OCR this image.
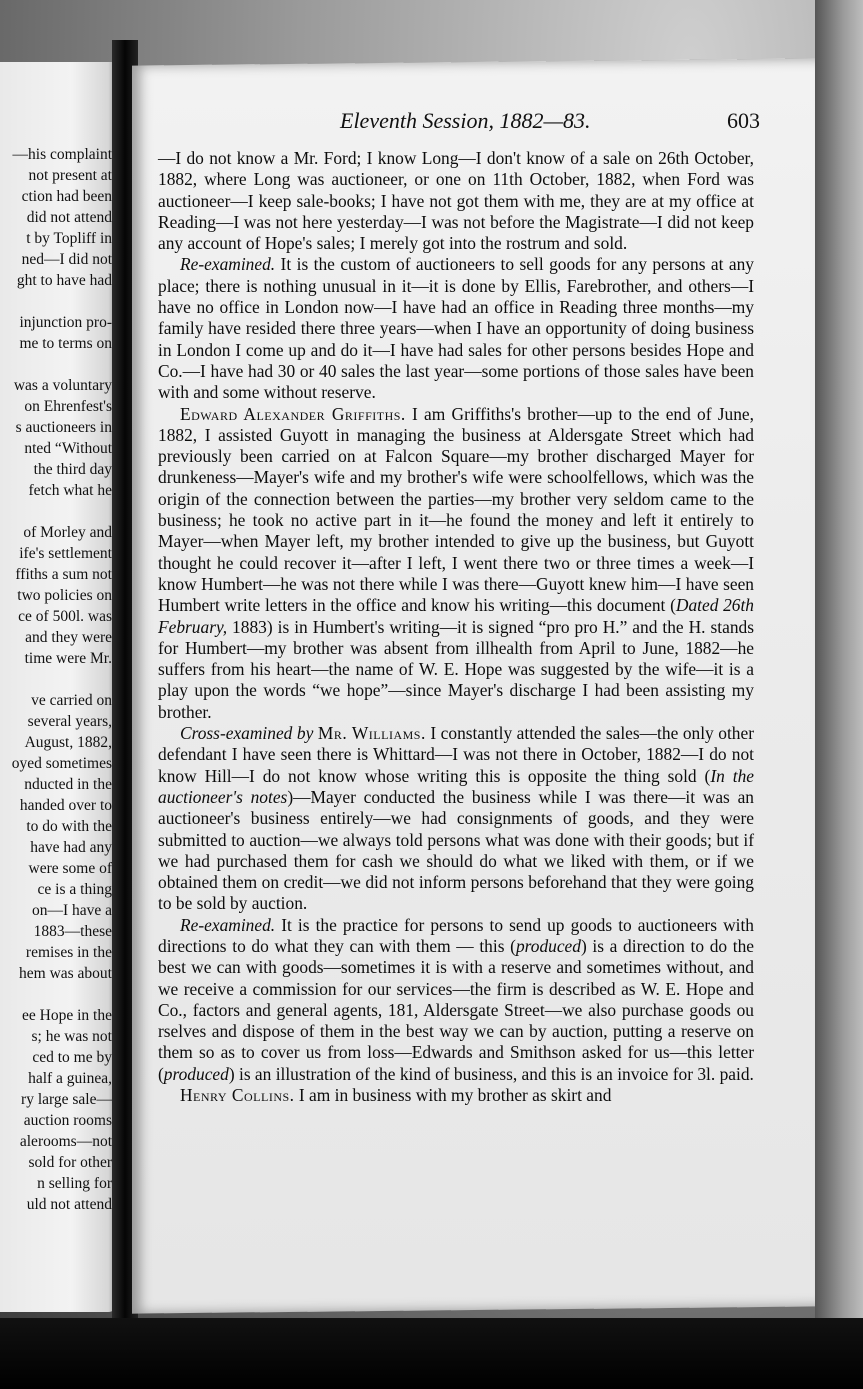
—his complaint
not present at
ction had been
did not attend
t by Topliff in
ned—I did not
ght to have had

injunction pro-
me to terms on

was a voluntary
on Ehrenfest's
s auctioneers in
nted “Without
the third day
fetch what he

of Morley and
ife's settlement
ffiths a sum not
two policies on
ce of 500l. was
and they were
time were Mr.

ve carried on
several years,
August, 1882,
oyed sometimes
nducted in the
handed over to
to do with the
have had any
were some of
ce is a thing
on—I have a
1883—these
remises in the
hem was about

ee Hope in the
s; he was not
ced to me by
half a guinea,
ry large sale—
auction rooms
alerooms—not
sold for other
n selling for
uld not attend
Eleventh Session, 1882—83.	603

—I do not know a Mr. Ford; I know Long—I don't know of a sale on 26th October, 1882, where Long was auctioneer, or one on 11th October, 1882, when Ford was auctioneer—I keep sale-books; I have not got them with me, they are at my office at Reading—I was not here yesterday—I was not before the Magistrate—I did not keep any account of Hope's sales; I merely got into the rostrum and sold.

Re-examined. It is the custom of auctioneers to sell goods for any persons at any place; there is nothing unusual in it—it is done by Ellis, Farebrother, and others—I have no office in London now—I have had an office in Reading three months—my family have resided there three years—when I have an opportunity of doing business in London I come up and do it—I have had sales for other persons besides Hope and Co.—I have had 30 or 40 sales the last year—some portions of those sales have been with and some without reserve.

Edward Alexander Griffiths. I am Griffiths's brother—up to the end of June, 1882, I assisted Guyott in managing the business at Aldersgate Street which had previously been carried on at Falcon Square—my brother discharged Mayer for drunkeness—Mayer's wife and my brother's wife were schoolfellows, which was the origin of the connection between the parties—my brother very seldom came to the business; he took no active part in it—he found the money and left it entirely to Mayer—when Mayer left, my brother intended to give up the business, but Guyott thought he could recover it—after I left, I went there two or three times a week—I know Humbert—he was not there while I was there—Guyott knew him—I have seen Humbert write letters in the office and know his writing—this document (Dated 26th February, 1883) is in Humbert's writing—it is signed “pro pro H.” and the H. stands for Humbert—my brother was absent from illhealth from April to June, 1882—he suffers from his heart—the name of W. E. Hope was suggested by the wife—it is a play upon the words “we hope”—since Mayer's discharge I had been assisting my brother.

Cross-examined by Mr. Williams. I constantly attended the sales—the only other defendant I have seen there is Whittard—I was not there in October, 1882—I do not know Hill—I do not know whose writing this is opposite the thing sold (In the auctioneer's notes)—Mayer conducted the business while I was there—it was an auctioneer's business entirely—we had consignments of goods, and they were submitted to auction—we always told persons what was done with their goods; but if we had purchased them for cash we should do what we liked with them, or if we obtained them on credit—we did not inform persons beforehand that they were going to be sold by auction.

Re-examined. It is the practice for persons to send up goods to auctioneers with directions to do what they can with them — this (produced) is a direction to do the best we can with goods—sometimes it is with a reserve and sometimes without, and we receive a commission for our services—the firm is described as W. E. Hope and Co., factors and general agents, 181, Aldersgate Street—we also purchase goods ou rselves and dispose of them in the best way we can by auction, putting a reserve on them so as to cover us from loss—Edwards and Smithson asked for us—this letter (produced) is an illustration of the kind of business, and this is an invoice for 3l. paid.

Henry Collins. I am in business with my brother as skirt and
